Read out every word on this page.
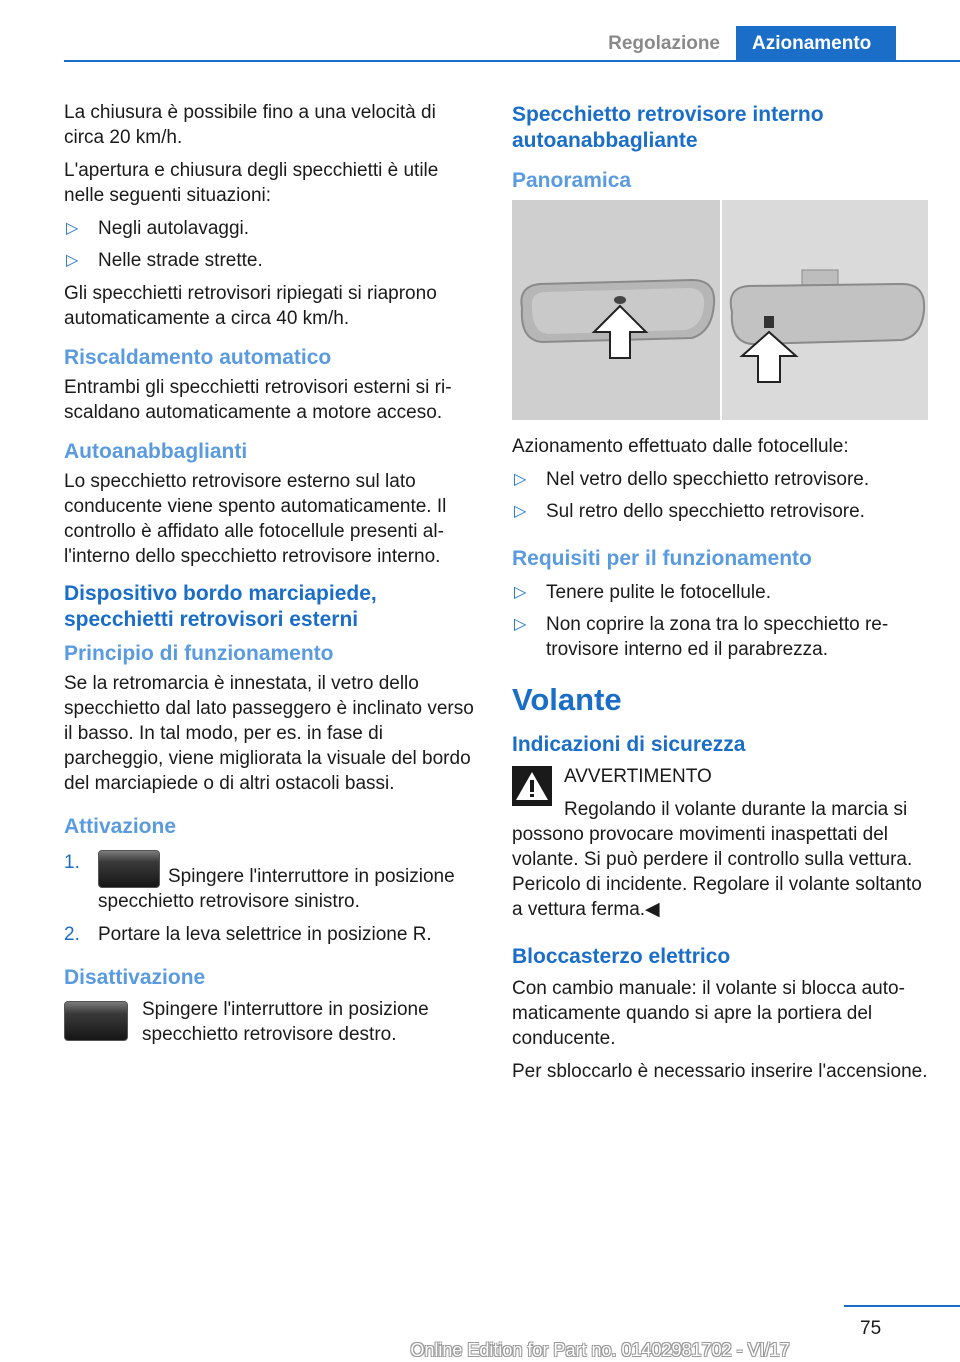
Regolazione	Azionamento

La chiusura è possibile fino a una velocità di circa 20 km/h.

L'apertura e chiusura degli specchietti è utile nelle seguenti situazioni:

▷ Negli autolavaggi.
▷ Nelle strade strette.

Gli specchietti retrovisori ripiegati si riaprono automaticamente a circa 40 km/h.

Riscaldamento automatico

Entrambi gli specchietti retrovisori esterni si riscaldano automaticamente a motore acceso.

Autoanabbaglianti

Lo specchietto retrovisore esterno sul lato conducente viene spento automaticamente. Il controllo è affidato alle fotocellule presenti all'interno dello specchietto retrovisore interno.

Dispositivo bordo marciapiede, specchietti retrovisori esterni
Principio di funzionamento

Se la retromarcia è innestata, il vetro dello specchietto dal lato passeggero è inclinato verso il basso. In tal modo, per es. in fase di parcheggio, viene migliorata la visuale del bordo del marciapiede o di altri ostacoli bassi.

Attivazione
1.
Spingere l'interruttore in posizione specchietto retrovisore sinistro.
2. Portare la leva selettrice in posizione R.
Disattivazione

Spingere l'interruttore in posizione specchietto retrovisore destro.

Specchietto retrovisore interno autoanabbagliante
Panoramica

Azionamento effettuato dalle fotocellule:

▷ Nel vetro dello specchietto retrovisore.
▷ Sul retro dello specchietto retrovisore.
Requisiti per il funzionamento
▷ Tenere pulite le fotocellule.
▷ Non coprire la zona tra lo specchietto retrovisore interno ed il parabrezza.
Volante
Indicazioni di sicurezza
AVVERTIMENTO

Regolando il volante durante la marcia si possono provocare movimenti inaspettati del volante. Si può perdere il controllo sulla vettura. Pericolo di incidente. Regolare il volante soltanto a vettura ferma.◀

Bloccasterzo elettrico

Con cambio manuale: il volante si blocca automaticamente quando si apre la portiera del conducente.

Per sbloccarlo è necessario inserire l'accensione.

75
Online Edition for Part no. 01402981702 - VI/17
